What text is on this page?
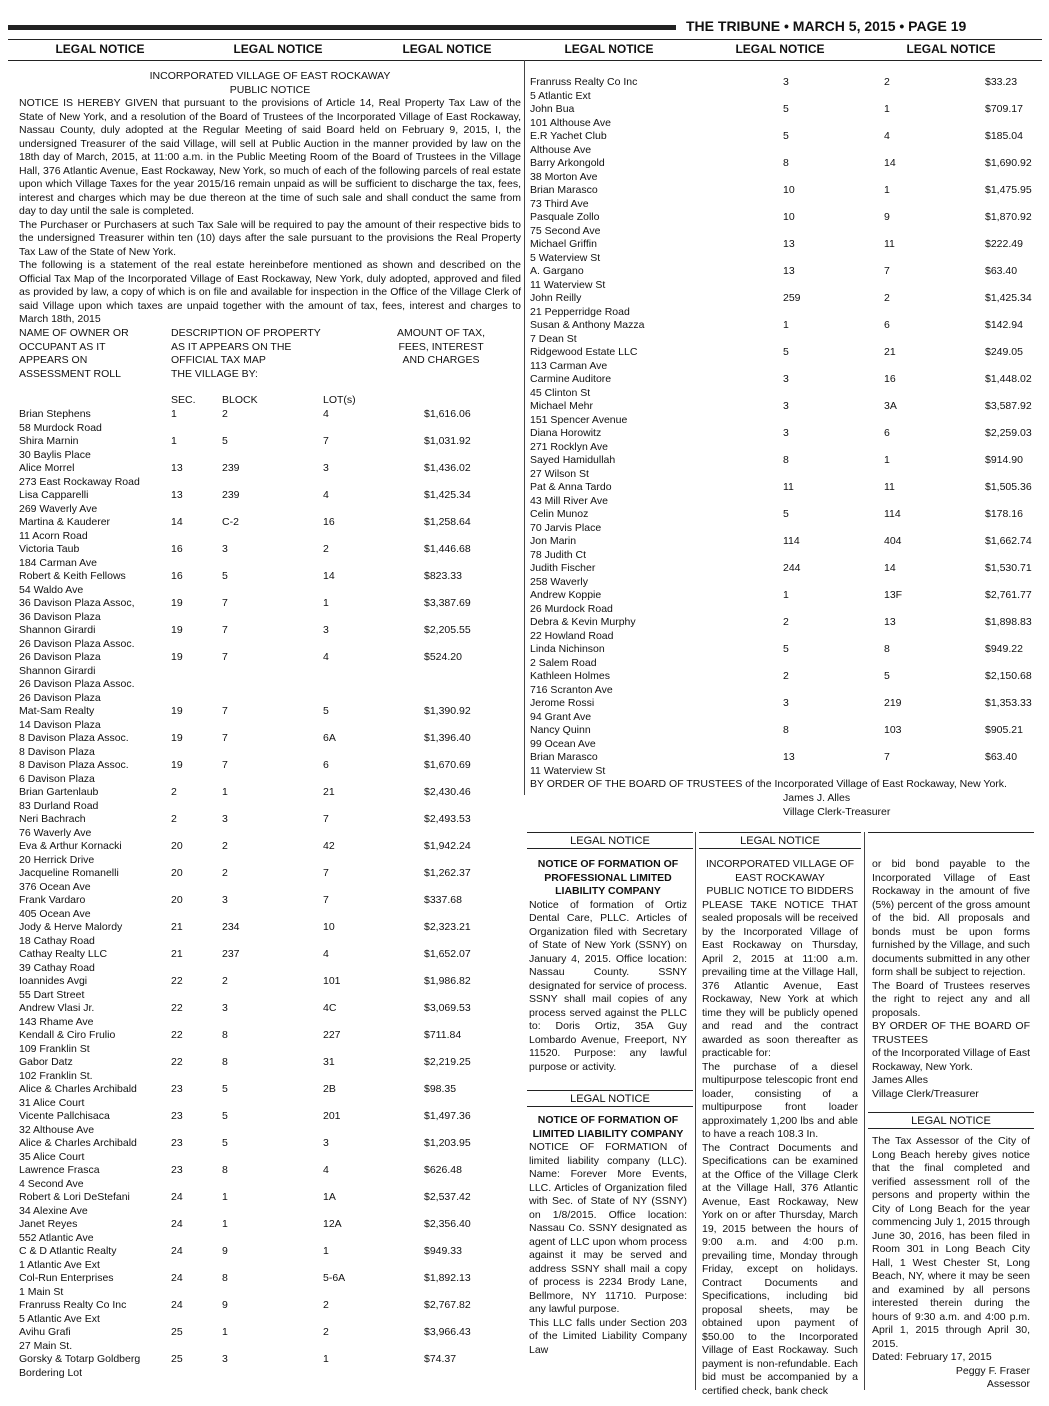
THE TRIBUNE • MARCH 5, 2015 • PAGE 19
LEGAL NOTICE	LEGAL NOTICE	LEGAL NOTICE	LEGAL NOTICE	LEGAL NOTICE	LEGAL NOTICE
INCORPORATED VILLAGE OF EAST ROCKAWAY
PUBLIC NOTICE

NOTICE IS HEREBY GIVEN that pursuant to the provisions of Article 14, Real Property Tax Law of the State of New York, and a resolution of the Board of Trustees of the Incorporated Village of East Rockaway, Nassau County, duly adopted at the Regular Meeting of said Board held on February 9, 2015, I, the undersigned Treasurer of the said Village, will sell at Public Auction in the manner provided by law on the 18th day of March, 2015, at 11:00 a.m. in the Public Meeting Room of the Board of Trustees in the Village Hall, 376 Atlantic Avenue, East Rockaway, New York, so much of each of the following parcels of real estate upon which Village Taxes for the year 2015/16 remain unpaid as will be sufficient to discharge the tax, fees, interest and charges which may be due thereon at the time of such sale and shall conduct the same from day to day until the sale is completed.

The Purchaser or Purchasers at such Tax Sale will be required to pay the amount of their respective bids to the undersigned Treasurer within ten (10) days after the sale pursuant to the provisions the Real Property Tax Law of the State of New York.

The following is a statement of the real estate hereinbefore mentioned as shown and described on the Official Tax Map of the Incorporated Village of East Rockaway, New York, duly adopted, approved and filed as provided by law, a copy of which is on file and available for inspection in the Office of the Village Clerk of said Village upon which taxes are unpaid together with the amount of tax, fees, interest and charges to March 18th, 2015

NAME OF OWNER OR
OCCUPANT AS IT
APPEARS ON
ASSESSMENT ROLL
DESCRIPTION OF PROPERTY
AS IT APPEARS ON THE
OFFICIAL TAX MAP
THE VILLAGE BY:
AMOUNT OF TAX,
FEES, INTEREST
AND CHARGES
SEC.	BLOCK	LOT(s)
Brian Stephens
58 Murdock Road
1	2	4	$1,616.06
Shira Marnin
30 Baylis Place
1	5	7	$1,031.92
Alice Morrel
273 East Rockaway Road
13	239	3	$1,436.02
Lisa Capparelli
269 Waverly Ave
13	239	4	$1,425.34
Martina & Kauderer
11 Acorn Road
14	C-2	16	$1,258.64
Victoria Taub
184 Carman Ave
16	3	2	$1,446.68
Robert & Keith Fellows
54 Waldo Ave
16	5	14	$823.33
36 Davison Plaza Assoc,
36 Davison Plaza
19	7	1	$3,387.69
Shannon Girardi
26 Davison Plaza Assoc.
19	7	3	$2,205.55
26 Davison Plaza
Shannon Girardi
19	7	4	$524.20
26 Davison Plaza Assoc.
26 Davison Plaza
Mat-Sam Realty
14 Davison Plaza
19	7	5	$1,390.92
8 Davison Plaza Assoc.
8 Davison Plaza
19	7	6A	$1,396.40
8 Davison Plaza Assoc.
6 Davison Plaza
19	7	6	$1,670.69
Brian Gartenlaub
83 Durland Road
2	1	21	$2,430.46
Neri Bachrach
76 Waverly Ave
2	3	7	$2,493.53
Eva & Arthur Kornacki
20 Herrick Drive
20	2	42	$1,942.24
Jacqueline Romanelli
376 Ocean Ave
20	2	7	$1,262.37
Frank Vardaro
405 Ocean Ave
20	3	7	$337.68
Jody & Herve Malordy
18 Cathay Road
21	234	10	$2,323.21
Cathay Realty LLC
39 Cathay Road
21	237	4	$1,652.07
Ioannides Avgi
55 Dart Street
22	2	101	$1,986.82
Andrew Vlasi Jr.
143 Rhame Ave
22	3	4C	$3,069.53
Kendall & Ciro Frulio
109 Franklin St
22	8	227	$711.84
Gabor Datz
102 Franklin St.
22	8	31	$2,219.25
Alice & Charles Archibald
31 Alice Court
23	5	2B	$98.35
Vicente Pallchisaca
32 Althouse Ave
23	5	201	$1,497.36
Alice & Charles Archibald
35 Alice Court
23	5	3	$1,203.95
Lawrence Frasca
4 Second Ave
23	8	4	$626.48
Robert & Lori DeStefani
34 Alexine Ave
24	1	1A	$2,537.42
Janet Reyes
552 Atlantic Ave
24	1	12A	$2,356.40
C & D Atlantic Realty
1 Atlantic Ave Ext
24	9	1	$949.33
Col-Run Enterprises
1 Main St
24	8	5-6A	$1,892.13
Franruss Realty Co Inc
5 Atlantic Ave Ext
24	9	2	$2,767.82
Avihu Grafi
27 Main St.
25	1	2	$3,966.43
Gorsky & Totarp Goldberg
Bordering Lot
25	3	1	$74.37
Franruss Realty Co Inc
5 Atlantic Ext
3	2	$33.23
John Bua
101 Althouse Ave
5	1	$709.17
E.R Yachet Club
Althouse Ave
5	4	$185.04
Barry Arkongold
38 Morton Ave
8	14	$1,690.92
Brian Marasco
73 Third Ave
10	1	$1,475.95
Pasquale Zollo
75 Second Ave
10	9	$1,870.92
Michael Griffin
5 Waterview St
13	11	$222.49
A. Gargano
11 Waterview St
13	7	$63.40
John Reilly
21 Pepperridge Road
259	2	$1,425.34
Susan & Anthony Mazza
7 Dean St
1	6	$142.94
Ridgewood Estate LLC
113 Carman Ave
5	21	$249.05
Carmine Auditore
45 Clinton St
3	16	$1,448.02
Michael Mehr
151 Spencer Avenue
3	3A	$3,587.92
Diana Horowitz
271 Rocklyn Ave
3	6	$2,259.03
Sayed Hamidullah
27 Wilson St
8	1	$914.90
Pat & Anna Tardo
43 Mill River Ave
11	11	$1,505.36
Celin Munoz
70 Jarvis Place
5	114	$178.16
Jon Marin
78 Judith Ct
114	404	$1,662.74
Judith Fischer
258 Waverly
244	14	$1,530.71
Andrew Koppie
26 Murdock Road
1	13F	$2,761.77
Debra & Kevin Murphy
22 Howland Road
2	13	$1,898.83
Linda Nichinson
2 Salem Road
5	8	$949.22
Kathleen Holmes
716 Scranton Ave
2	5	$2,150.68
Jerome Rossi
94 Grant Ave
3	219	$1,353.33
Nancy Quinn
99 Ocean Ave
8	103	$905.21
Brian Marasco
11 Waterview St
13	7	$63.40
BY ORDER OF THE BOARD OF TRUSTEES of the Incorporated Village of East Rockaway, New York.
James J. Alles
Village Clerk-Treasurer
LEGAL NOTICE
NOTICE OF FORMATION OF PROFESSIONAL LIMITED LIABILITY COMPANY
Notice of formation of Ortiz Dental Care, PLLC. Articles of Organization filed with Secretary of State of New York (SSNY) on January 4, 2015. Office location: Nassau County. SSNY designated for service of process. SSNY shall mail copies of any process served against the PLLC to: Doris Ortiz, 35A Guy Lombardo Avenue, Freeport, NY 11520. Purpose: any lawful purpose or activity.
LEGAL NOTICE
NOTICE OF FORMATION OF LIMITED LIABILITY COMPANY
NOTICE OF FORMATION of limited liability company (LLC). Name: Forever More Events, LLC. Articles of Organization filed with Sec. of State of NY (SSNY) on 1/8/2015. Office location: Nassau Co. SSNY designated as agent of LLC upon whom process against it may be served and address SSNY shall mail a copy of process is 2234 Brody Lane, Bellmore, NY 11710. Purpose: any lawful purpose.
This LLC falls under Section 203 of the Limited Liability Company Law
LEGAL NOTICE
INCORPORATED VILLAGE OF
EAST ROCKAWAY
PUBLIC NOTICE TO BIDDERS
PLEASE TAKE NOTICE THAT sealed proposals will be received by the Incorporated Village of East Rockaway on Thursday, April 2, 2015 at 11:00 a.m. prevailing time at the Village Hall, 376 Atlantic Avenue, East Rockaway, New York at which time they will be publicly opened and read and the contract awarded as soon thereafter as practicable for:
The purchase of a diesel multipurpose telescopic front end loader, consisting of a multipurpose front loader approximately 1,200 lbs and able to have a reach 108.3 In.
The Contract Documents and Specifications can be examined at the Office of the Village Clerk at the Village Hall, 376 Atlantic Avenue, East Rockaway, New York on or after Thursday, March 19, 2015 between the hours of 9:00 a.m. and 4:00 p.m. prevailing time, Monday through Friday, except on holidays. Contract Documents and Specifications, including bid proposal sheets, may be obtained upon payment of $50.00 to the Incorporated Village of East Rockaway. Such payment is non-refundable. Each bid must be accompanied by a certified check, bank check
or bid bond payable to the Incorporated Village of East Rockaway in the amount of five (5%) percent of the gross amount of the bid. All proposals and bonds must be upon forms furnished by the Village, and such documents submitted in any other form shall be subject to rejection.
The Board of Trustees reserves the right to reject any and all proposals.
BY ORDER OF THE BOARD OF TRUSTEES
of the Incorporated Village of East Rockaway, New York.
James Alles
Village Clerk/Treasurer
LEGAL NOTICE
The Tax Assessor of the City of Long Beach hereby gives notice that the final completed and verified assessment roll of the persons and property within the City of Long Beach for the year commencing July 1, 2015 through June 30, 2016, has been filed in Room 301 in Long Beach City Hall, 1 West Chester St, Long Beach, NY, where it may be seen and examined by all persons interested therein during the hours of 9:30 a.m. and 4:00 p.m. April 1, 2015 through April 30, 2015.
Dated: February 17, 2015
Peggy F. Fraser
Assessor
